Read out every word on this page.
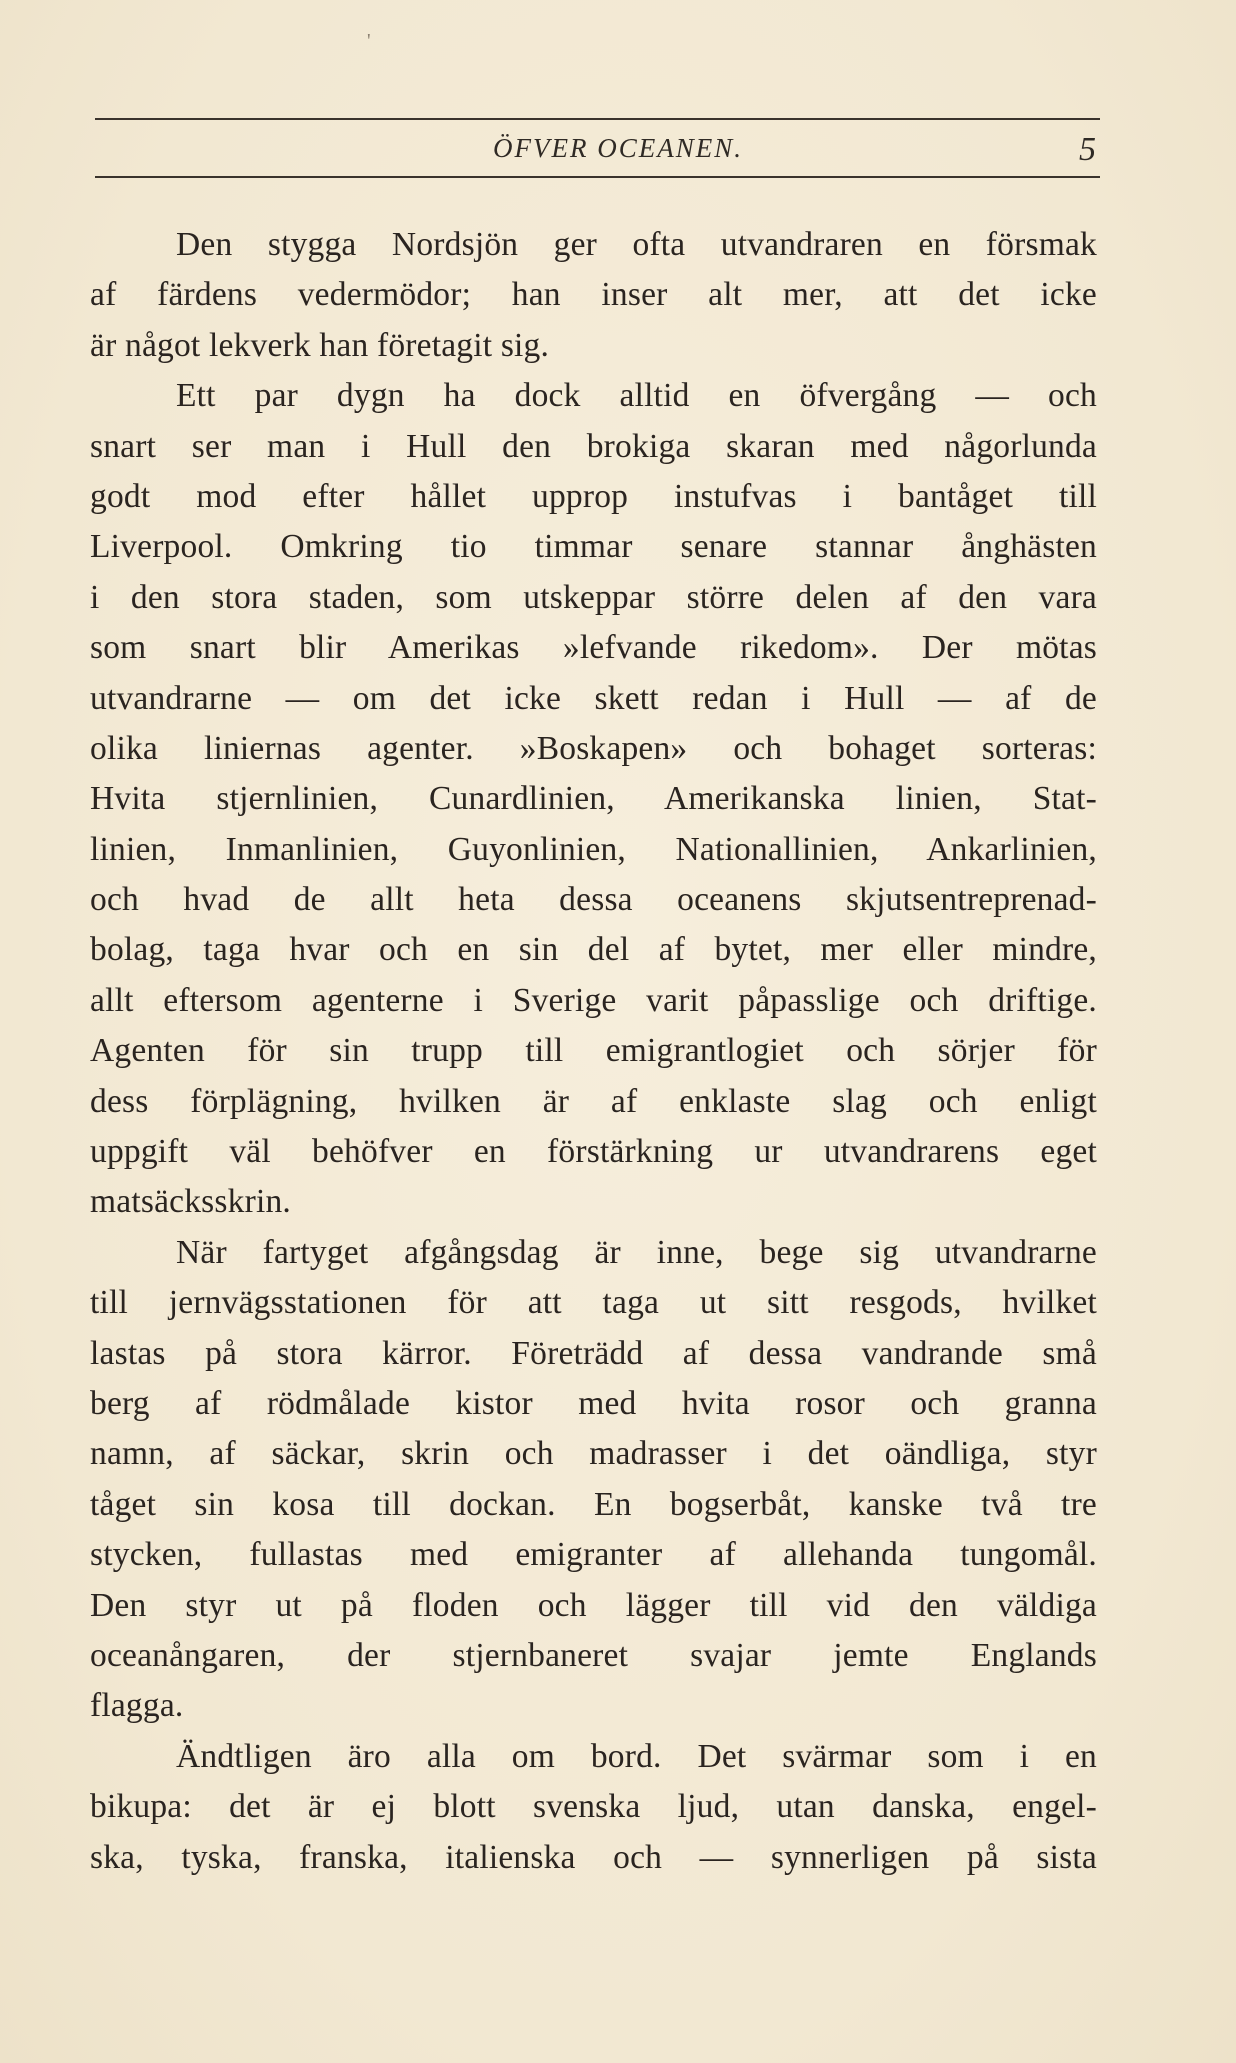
'
ÖFVER OCEANEN.	5
Den stygga Nordsjön ger ofta utvandraren en försmak
af färdens vedermödor; han inser alt mer, att det icke
är något lekverk han företagit sig.
Ett par dygn ha dock alltid en öfvergång — och
snart ser man i Hull den brokiga skaran med någorlunda
godt mod efter hållet upprop instufvas i bantåget till
Liverpool. Omkring tio timmar senare stannar ånghästen
i den stora staden, som utskeppar större delen af den vara
som snart blir Amerikas »lefvande rikedom». Der mötas
utvandrarne — om det icke skett redan i Hull — af de
olika liniernas agenter. »Boskapen» och bohaget sorteras:
Hvita stjernlinien, Cunardlinien, Amerikanska linien, Stat-
linien, Inmanlinien, Guyonlinien, Nationallinien, Ankarlinien,
och hvad de allt heta dessa oceanens skjutsentreprenad-
bolag, taga hvar och en sin del af bytet, mer eller mindre,
allt eftersom agenterne i Sverige varit påpasslige och driftige.
Agenten för sin trupp till emigrantlogiet och sörjer för
dess förplägning, hvilken är af enklaste slag och enligt
uppgift väl behöfver en förstärkning ur utvandrarens eget
matsäcksskrin.
När fartyget afgångsdag är inne, bege sig utvandrarne
till jernvägsstationen för att taga ut sitt resgods, hvilket
lastas på stora kärror. Företrädd af dessa vandrande små
berg af rödmålade kistor med hvita rosor och granna
namn, af säckar, skrin och madrasser i det oändliga, styr
tåget sin kosa till dockan. En bogserbåt, kanske två tre
stycken, fullastas med emigranter af allehanda tungomål.
Den styr ut på floden och lägger till vid den väldiga
oceanångaren, der stjernbaneret svajar jemte Englands
flagga.
Ändtligen äro alla om bord. Det svärmar som i en
bikupa: det är ej blott svenska ljud, utan danska, engel-
ska, tyska, franska, italienska och — synnerligen på sista
